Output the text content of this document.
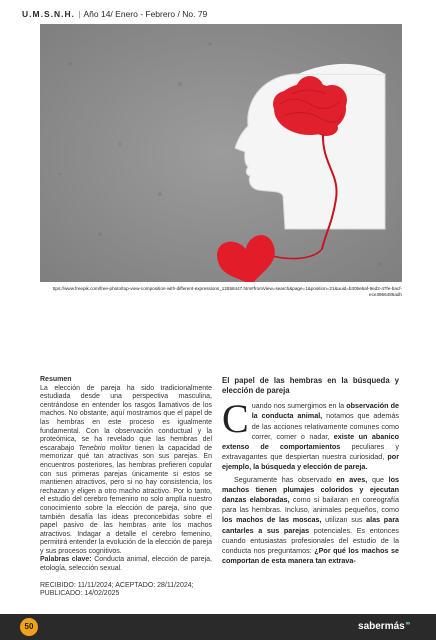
U.M.S.N.H. | Año 14/ Enero - Febrero / No. 79
ttps://www.freepik.com/free-photo/top-view-composition-with-different-expressions_12558447.htm#fromView=search&page=1&position=21&uuid=b305e6af-9ed2-47fe-bacf-ece3966486adh
Resumen
La elección de pareja ha sido tradicionalmente estudiada desde una perspectiva masculina, centrándose en entender los rasgos llamativos de los machos. No obstante, aquí mostramos que el papel de las hembras en este proceso es igualmente fundamental. Con la observación conductual y la proteómica, se ha revelado que las hembras del escarabajo Tenebrio molitor tienen la capacidad de memorizar qué tan atractivas son sus parejas. En encuentros posteriores, las hembras prefieren copular con sus primeras parejas únicamente si estos se mantienen atractivos, pero si no hay consistencia, los rechazan y eligen a otro macho atractivo. Por lo tanto, el estudio del cerebro femenino no solo amplía nuestro conocimiento sobre la elección de pareja, sino que también desafía las ideas preconcebidas sobre el papel pasivo de las hembras ante los machos atractivos. Indagar a detalle el cerebro femenino, permitirá entender la evolución de la elección de pareja y sus procesos cognitivos.
Palabras clave: Conducta animal, elección de pareja, etología, selección sexual.
RECIBIDO: 11/11/2024; ACEPTADO: 28/11/2024; PUBLICADO: 14/02/2025
El papel de las hembras en la búsqueda y elección de pareja

Cuando nos sumergimos en la observación de la conducta animal, notamos que además de las acciones relativamente comunes como correr, comer o nadar, existe un abanico extenso de comportamientos peculiares y extravagantes que despiertan nuestra curiosidad, por ejemplo, la búsqueda y elección de pareja.

Seguramente has observado en aves, que los machos tienen plumajes coloridos y ejecutan danzas elaboradas, como si bailaran en coreografía para las hembras. Incluso, animales pequeños, como los machos de las moscas, utilizan sus alas para cantarles a sus parejas potenciales. Es entonces cuando entusiastas profesionales del estudio de la conducta nos preguntamos: ¿Por qué los machos se comportan de esta manera tan extrava-

50	sabermás∞
